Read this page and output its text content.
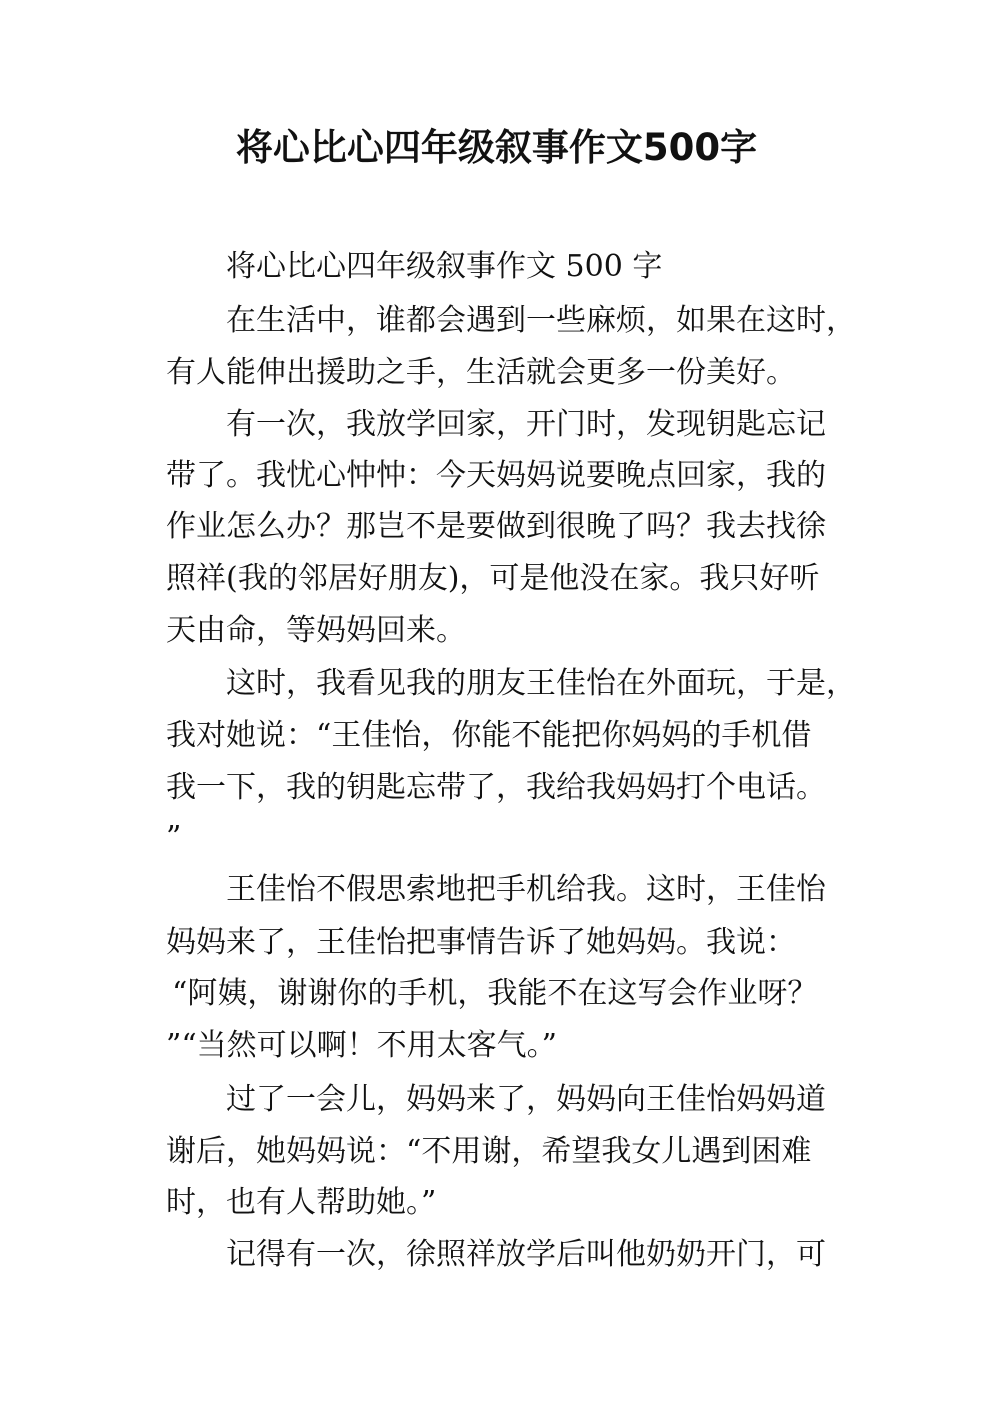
将心比心四年级叙事作文500字

将心比心四年级叙事作文 500 字

在生活中，谁都会遇到一些麻烦，如果在这时，

有人能伸出援助之手，生活就会更多一份美好。

有一次，我放学回家，开门时，发现钥匙忘记

带了。我忧心忡忡：今天妈妈说要晚点回家，我的

作业怎么办？那岂不是要做到很晚了吗？我去找徐

照祥(我的邻居好朋友)，可是他没在家。我只好听

天由命，等妈妈回来。

这时，我看见我的朋友王佳怡在外面玩，于是，

我对她说：“王佳怡，你能不能把你妈妈的手机借

我一下，我的钥匙忘带了，我给我妈妈打个电话。

”

王佳怡不假思索地把手机给我。这时，王佳怡

妈妈来了，王佳怡把事情告诉了她妈妈。我说：

“阿姨，谢谢你的手机，我能不在这写会作业呀？

”“当然可以啊！不用太客气。”

过了一会儿，妈妈来了，妈妈向王佳怡妈妈道

谢后，她妈妈说：“不用谢，希望我女儿遇到困难

时，也有人帮助她。”

记得有一次，徐照祥放学后叫他奶奶开门，可
